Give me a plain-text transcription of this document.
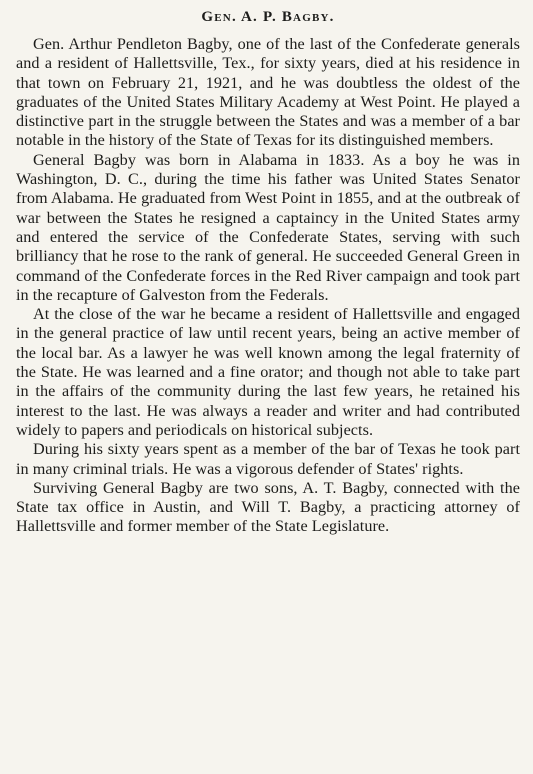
Gen. A. P. Bagby.

Gen. Arthur Pendleton Bagby, one of the last of the Confederate generals and a resident of Hallettsville, Tex., for sixty years, died at his residence in that town on February 21, 1921, and he was doubtless the oldest of the graduates of the United States Military Academy at West Point. He played a distinctive part in the struggle between the States and was a member of a bar notable in the history of the State of Texas for its distinguished members.

General Bagby was born in Alabama in 1833. As a boy he was in Washington, D. C., during the time his father was United States Senator from Alabama. He graduated from West Point in 1855, and at the outbreak of war between the States he resigned a captaincy in the United States army and entered the service of the Confederate States, serving with such brilliancy that he rose to the rank of general. He succeeded General Green in command of the Confederate forces in the Red River campaign and took part in the recapture of Galveston from the Federals.

At the close of the war he became a resident of Hallettsville and engaged in the general practice of law until recent years, being an active member of the local bar. As a lawyer he was well known among the legal fraternity of the State. He was learned and a fine orator; and though not able to take part in the affairs of the community during the last few years, he retained his interest to the last. He was always a reader and writer and had contributed widely to papers and periodicals on historical subjects.

During his sixty years spent as a member of the bar of Texas he took part in many criminal trials. He was a vigorous defender of States' rights.

Surviving General Bagby are two sons, A. T. Bagby, connected with the State tax office in Austin, and Will T. Bagby, a practicing attorney of Hallettsville and former member of the State Legislature.
